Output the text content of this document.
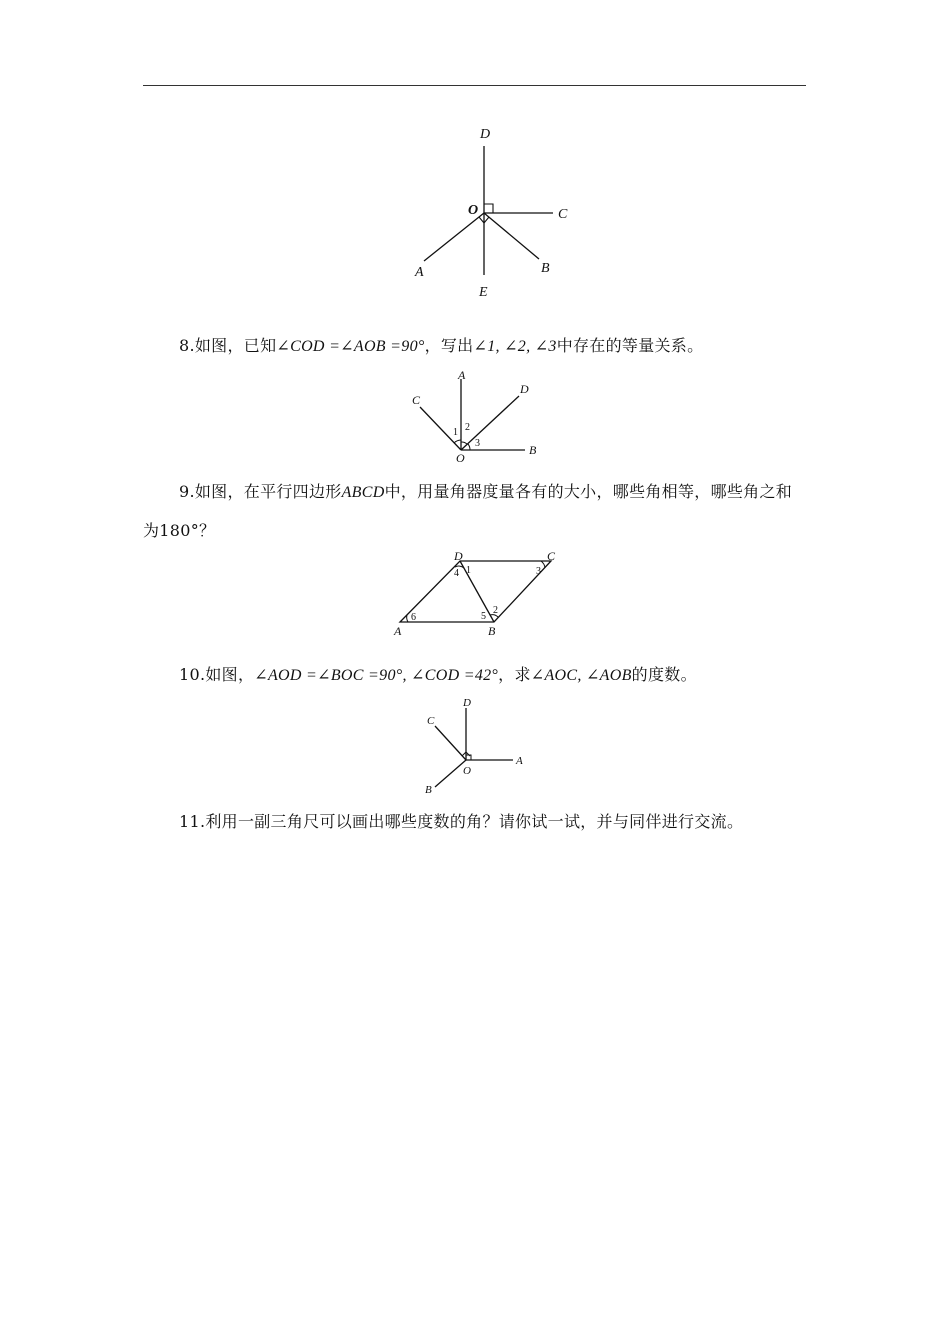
D
O	C
A	B
E
8.如图，已知∠COD =∠AOB =90°，写出∠1, ∠2, ∠3中存在的等量关系。
A
C
D
B
O
1 2
3
9.如图，在平行四边形ABCD中，用量角器度量各有的大小，哪些角相等，哪些角之和为180°？
D	C
A	B
1
2
3
4
5
6
10.如图，∠AOD =∠BOC =90°, ∠COD =42°，求∠AOC, ∠AOB的度数。
C
D
A
B
O
11.利用一副三角尺可以画出哪些度数的角？请你试一试，并与同伴进行交流。
